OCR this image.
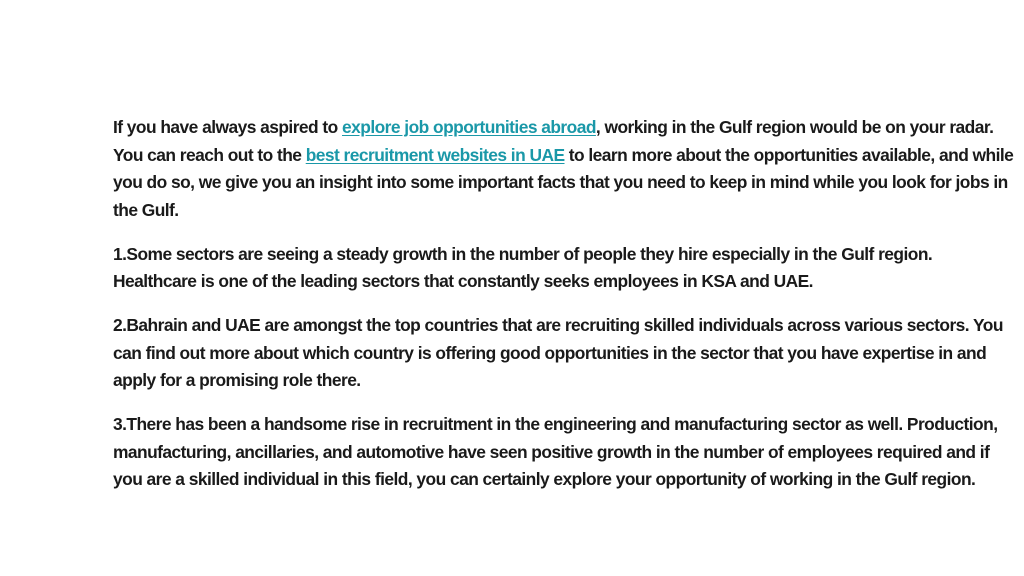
If you have always aspired to explore job opportunities abroad, working in the Gulf region would be on your radar. You can reach out to the best recruitment websites in UAE to learn more about the opportunities available, and while you do so, we give you an insight into some important facts that you need to keep in mind while you look for jobs in the Gulf.

1.Some sectors are seeing a steady growth in the number of people they hire especially in the Gulf region. Healthcare is one of the leading sectors that constantly seeks employees in KSA and UAE.

2.Bahrain and UAE are amongst the top countries that are recruiting skilled individuals across various sectors. You can find out more about which country is offering good opportunities in the sector that you have expertise in and apply for a promising role there.

3.There has been a handsome rise in recruitment in the engineering and manufacturing sector as well. Production, manufacturing, ancillaries, and automotive have seen positive growth in the number of employees required and if you are a skilled individual in this field, you can certainly explore your opportunity of working in the Gulf region.
